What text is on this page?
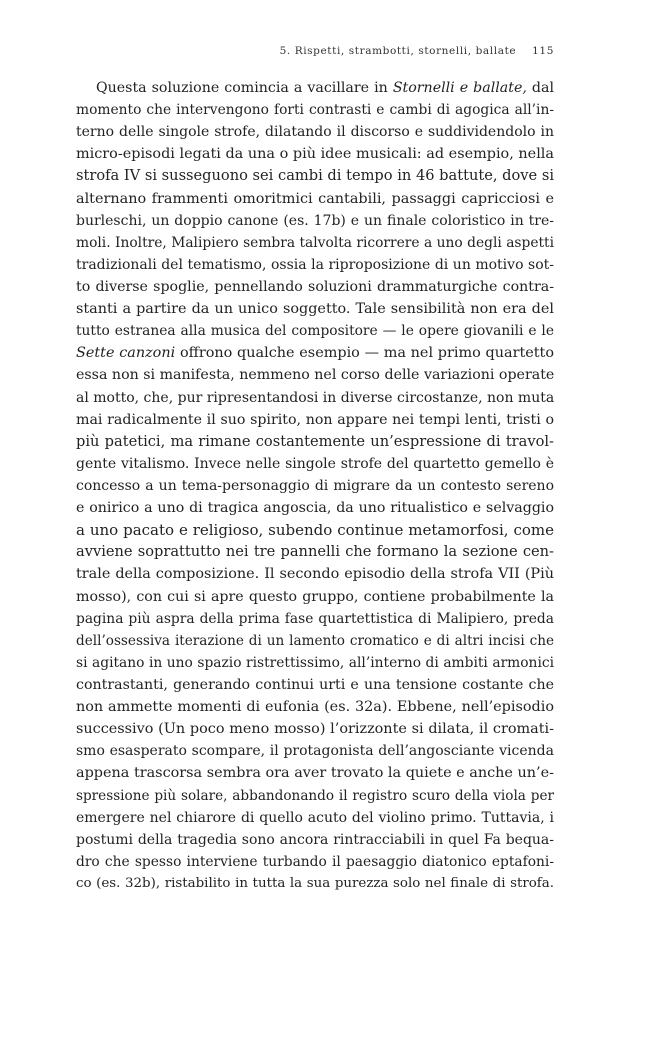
5. Rispetti, strambotti, stornelli, ballate 115
Questa soluzione comincia a vacillare in Stornelli e ballate, dal
momento che intervengono forti contrasti e cambi di agogica all’in-
terno delle singole strofe, dilatando il discorso e suddividendolo in
micro-episodi legati da una o più idee musicali: ad esempio, nella
strofa IV si susseguono sei cambi di tempo in 46 battute, dove si
alternano frammenti omoritmici cantabili, passaggi capricciosi e
burleschi, un doppio canone (es. 17b) e un finale coloristico in tre-
moli. Inoltre, Malipiero sembra talvolta ricorrere a uno degli aspetti
tradizionali del tematismo, ossia la riproposizione di un motivo sot-
to diverse spoglie, pennellando soluzioni drammaturgiche contra-
stanti a partire da un unico soggetto. Tale sensibilità non era del
tutto estranea alla musica del compositore — le opere giovanili e le
Sette canzoni offrono qualche esempio — ma nel primo quartetto
essa non si manifesta, nemmeno nel corso delle variazioni operate
al motto, che, pur ripresentandosi in diverse circostanze, non muta
mai radicalmente il suo spirito, non appare nei tempi lenti, tristi o
più patetici, ma rimane costantemente un’espressione di travol-
gente vitalismo. Invece nelle singole strofe del quartetto gemello è
concesso a un tema-personaggio di migrare da un contesto sereno
e onirico a uno di tragica angoscia, da uno ritualistico e selvaggio
a uno pacato e religioso, subendo continue metamorfosi, come
avviene soprattutto nei tre pannelli che formano la sezione cen-
trale della composizione. Il secondo episodio della strofa VII (Più
mosso), con cui si apre questo gruppo, contiene probabilmente la
pagina più aspra della prima fase quartettistica di Malipiero, preda
dell’ossessiva iterazione di un lamento cromatico e di altri incisi che
si agitano in uno spazio ristrettissimo, all’interno di ambiti armonici
contrastanti, generando continui urti e una tensione costante che
non ammette momenti di eufonia (es. 32a). Ebbene, nell’episodio
successivo (Un poco meno mosso) l’orizzonte si dilata, il cromati-
smo esasperato scompare, il protagonista dell’angosciante vicenda
appena trascorsa sembra ora aver trovato la quiete e anche un’e-
spressione più solare, abbandonando il registro scuro della viola per
emergere nel chiarore di quello acuto del violino primo. Tuttavia, i
postumi della tragedia sono ancora rintracciabili in quel Fa bequa-
dro che spesso interviene turbando il paesaggio diatonico eptafoni-
co (es. 32b), ristabilito in tutta la sua purezza solo nel finale di strofa.
